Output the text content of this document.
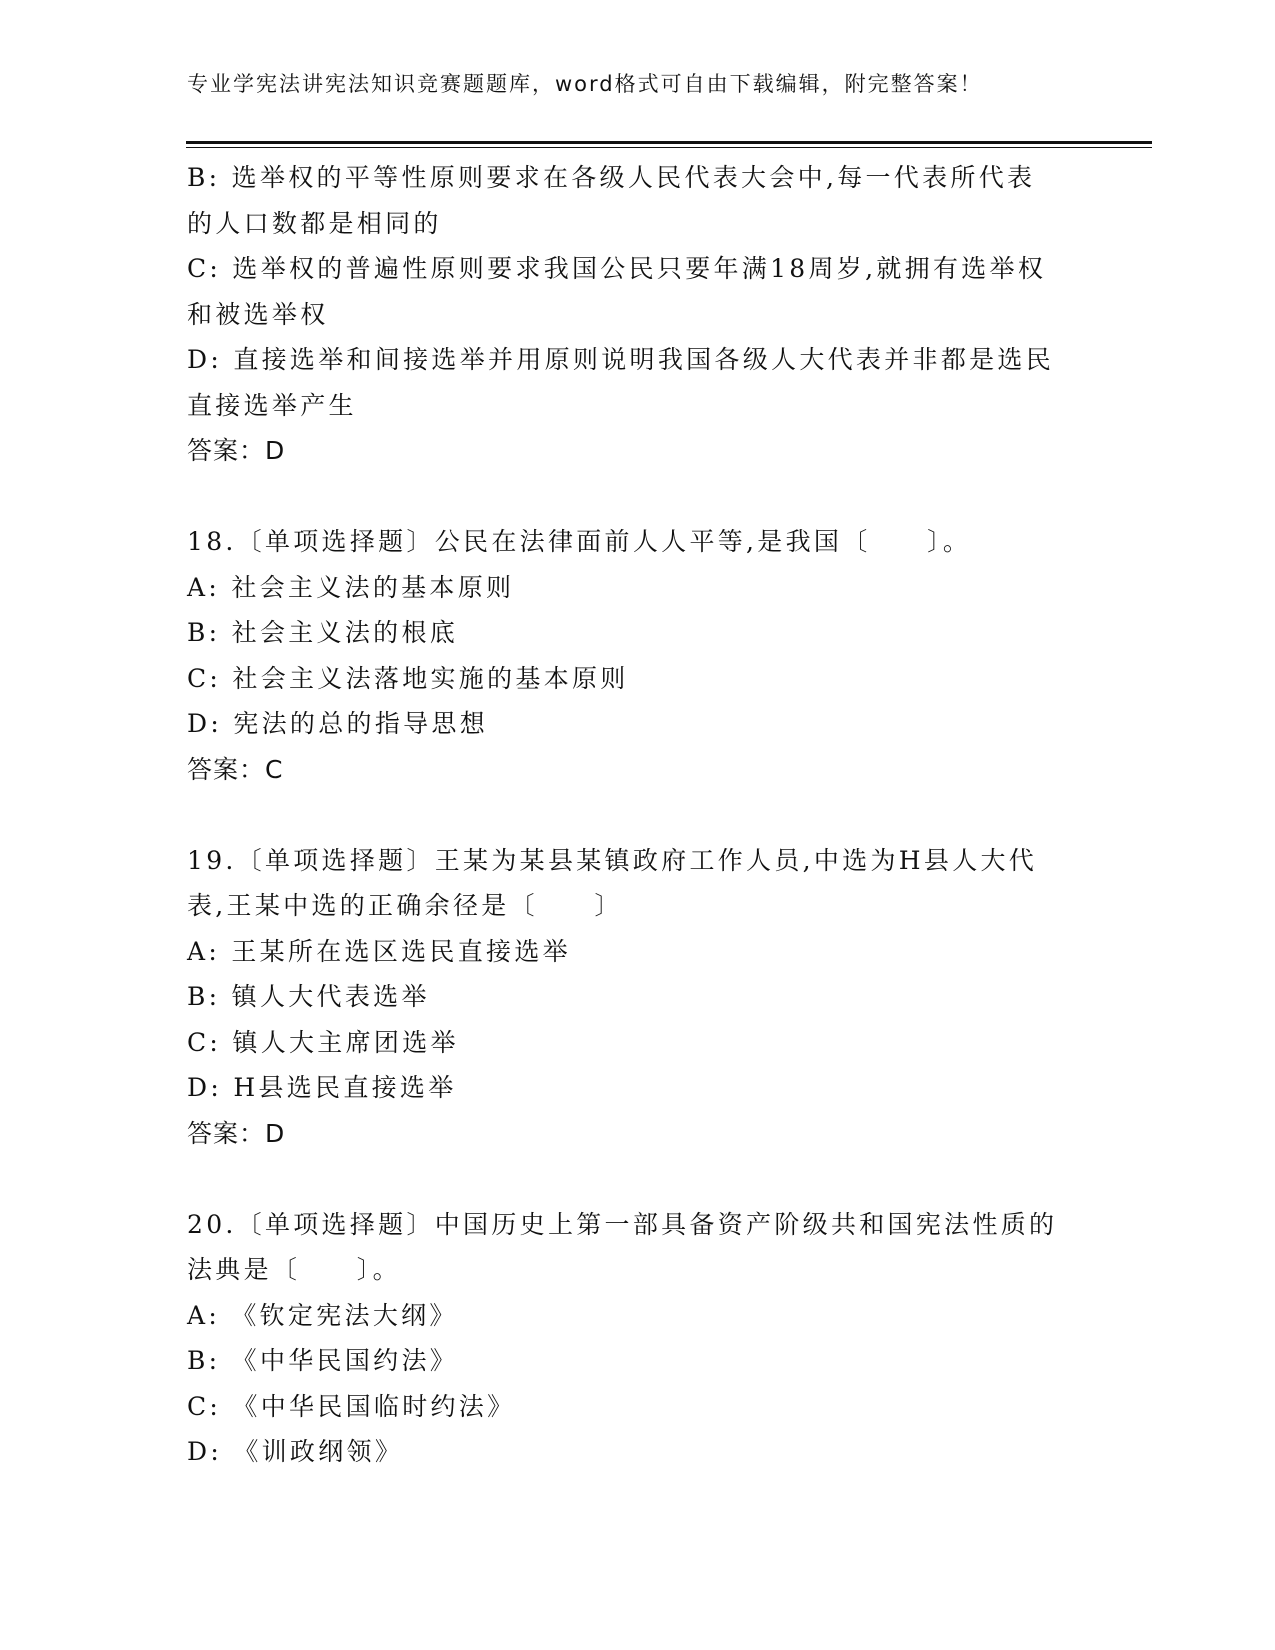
专业学宪法讲宪法知识竞赛题题库，word格式可自由下载编辑，附完整答案！
B: 选举权的平等性原则要求在各级人民代表大会中,每一代表所代表
的人口数都是相同的
C: 选举权的普遍性原则要求我国公民只要年满18周岁,就拥有选举权
和被选举权
D: 直接选举和间接选举并用原则说明我国各级人大代表并非都是选民
直接选举产生
答案：D
18.〔单项选择题〕公民在法律面前人人平等,是我国〔　　〕。
A: 社会主义法的基本原则
B: 社会主义法的根底
C: 社会主义法落地实施的基本原则
D: 宪法的总的指导思想
答案：C
19.〔单项选择题〕王某为某县某镇政府工作人员,中选为H县人大代
表,王某中选的正确余径是〔　　〕
A: 王某所在选区选民直接选举
B: 镇人大代表选举
C: 镇人大主席团选举
D: H县选民直接选举
答案：D
20.〔单项选择题〕中国历史上第一部具备资产阶级共和国宪法性质的
法典是〔　　〕。
A: 《钦定宪法大纲》
B: 《中华民国约法》
C: 《中华民国临时约法》
D: 《训政纲领》
